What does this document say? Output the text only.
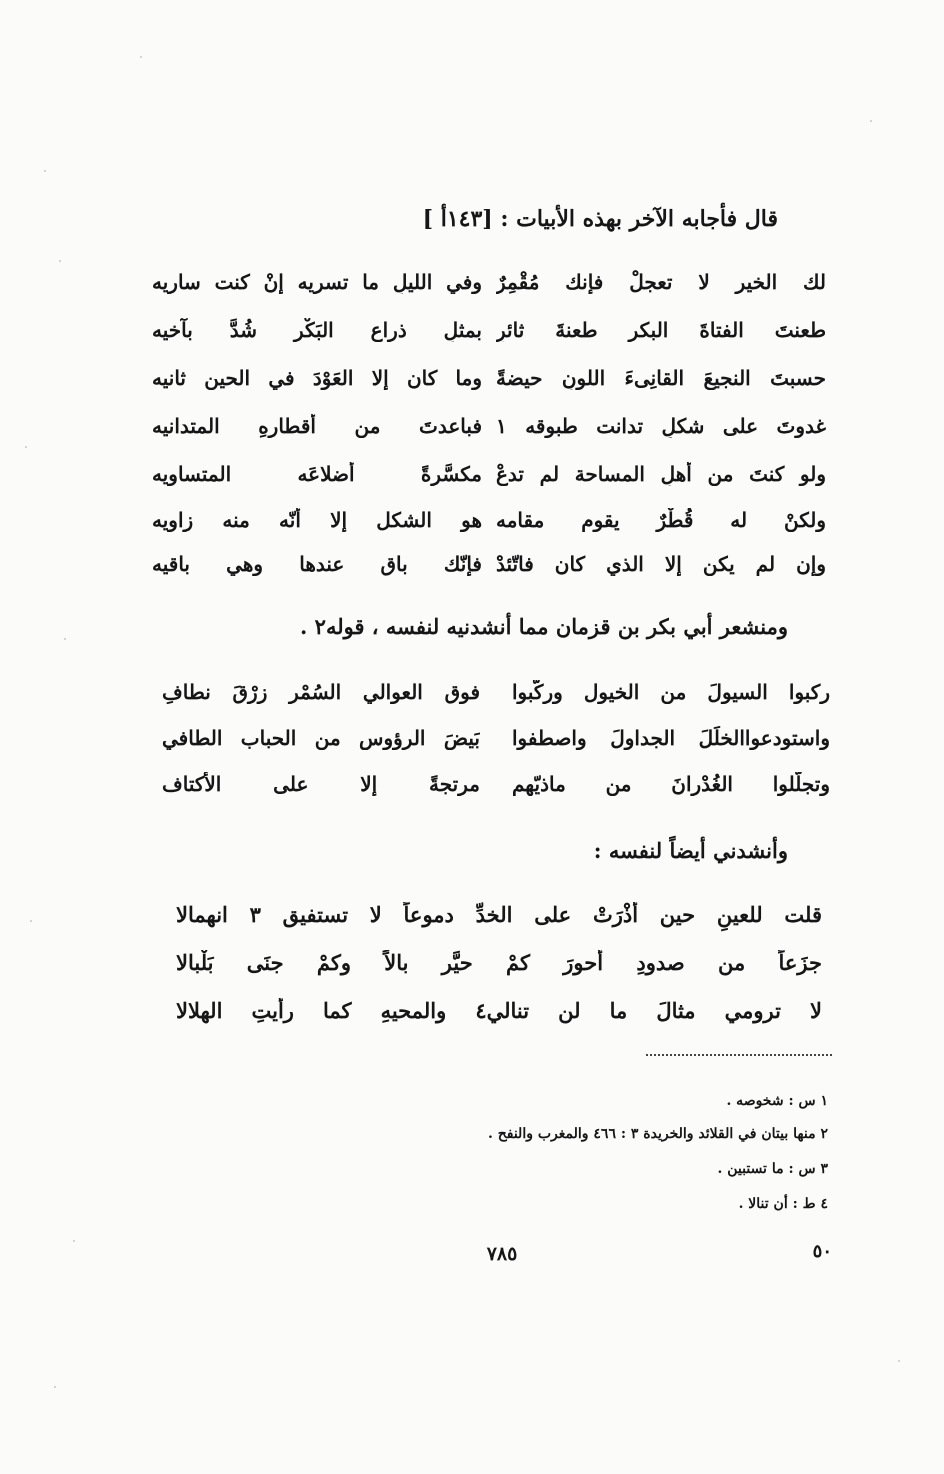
قال فأجابه الآخر بهذه الأبيات : [١٤٣أ ]
لك الخير لا تعجلْ فإنك مُقْمِرٌ
وفي الليلِ ما تسريه إنْ كنت ساريه
طعنتَ الفتاةَ البكر طعنةَ ثائرٍ
بمثلِ ذراع البَكْرِ شُدَّ بآخيه
حسبتَ النجيعَ القانِىءَ اللونِ حيضةً
وما كان إلا العَوْدَ في الحينِ ثانيه
غدوتَ على شكلٍ تدانت طبوقه ١
فباعدتَ من أقطارهِ المتدانيه
ولو كنتَ من أهلِ المساحة لم تدعْ
مكسَّرةً أضلاعَه المتساويه
ولكنْ له قُطْرٌ يقوم مقامه
هو الشكل إلا أنّه منه زاويه
وإن لم يكن إلا الذي كان فاتّئدْ
فإنّك باقٍ عندها وهي باقيه
ومنشعر أبي بكر بن قزمان مما أنشدنيه لنفسه ، قوله٢ .
ركبوا السيولَ من الخيول وركّبوا
فوق العوالي السُمْرِ زرْقَ نطافِ
واستودعواالخلَلَ الجداولَ واصطفوا
بَيضَ الرؤوس من الحباب الطافي
وتجلّلوا الغُدْرانَ من ماذيّهم
مرتجةً إلا على الأكتاف
وأنشدني أيضاً لنفسه :
قلت للعينِ حين أذْرَتْ على الخدِّ دموعاً لا تستفيق ٣ انهمالا
جزَعاً من صدودِ أحورَ كمْ حيَّر بالاً وكمْ جنَى بَلْبالا
لا ترومي مثالَ ما لن تنالي٤ والمحيهِ كما رأيتِ الهلالا
١ س : شخوصه .
٢ منها بيتان في القلائد والخريدة ٣ : ٤٦٦ والمغرب والنفح .
٣ س : ما تستبين .
٤ ط : أن تنالا .
٧٨٥	٥٠
